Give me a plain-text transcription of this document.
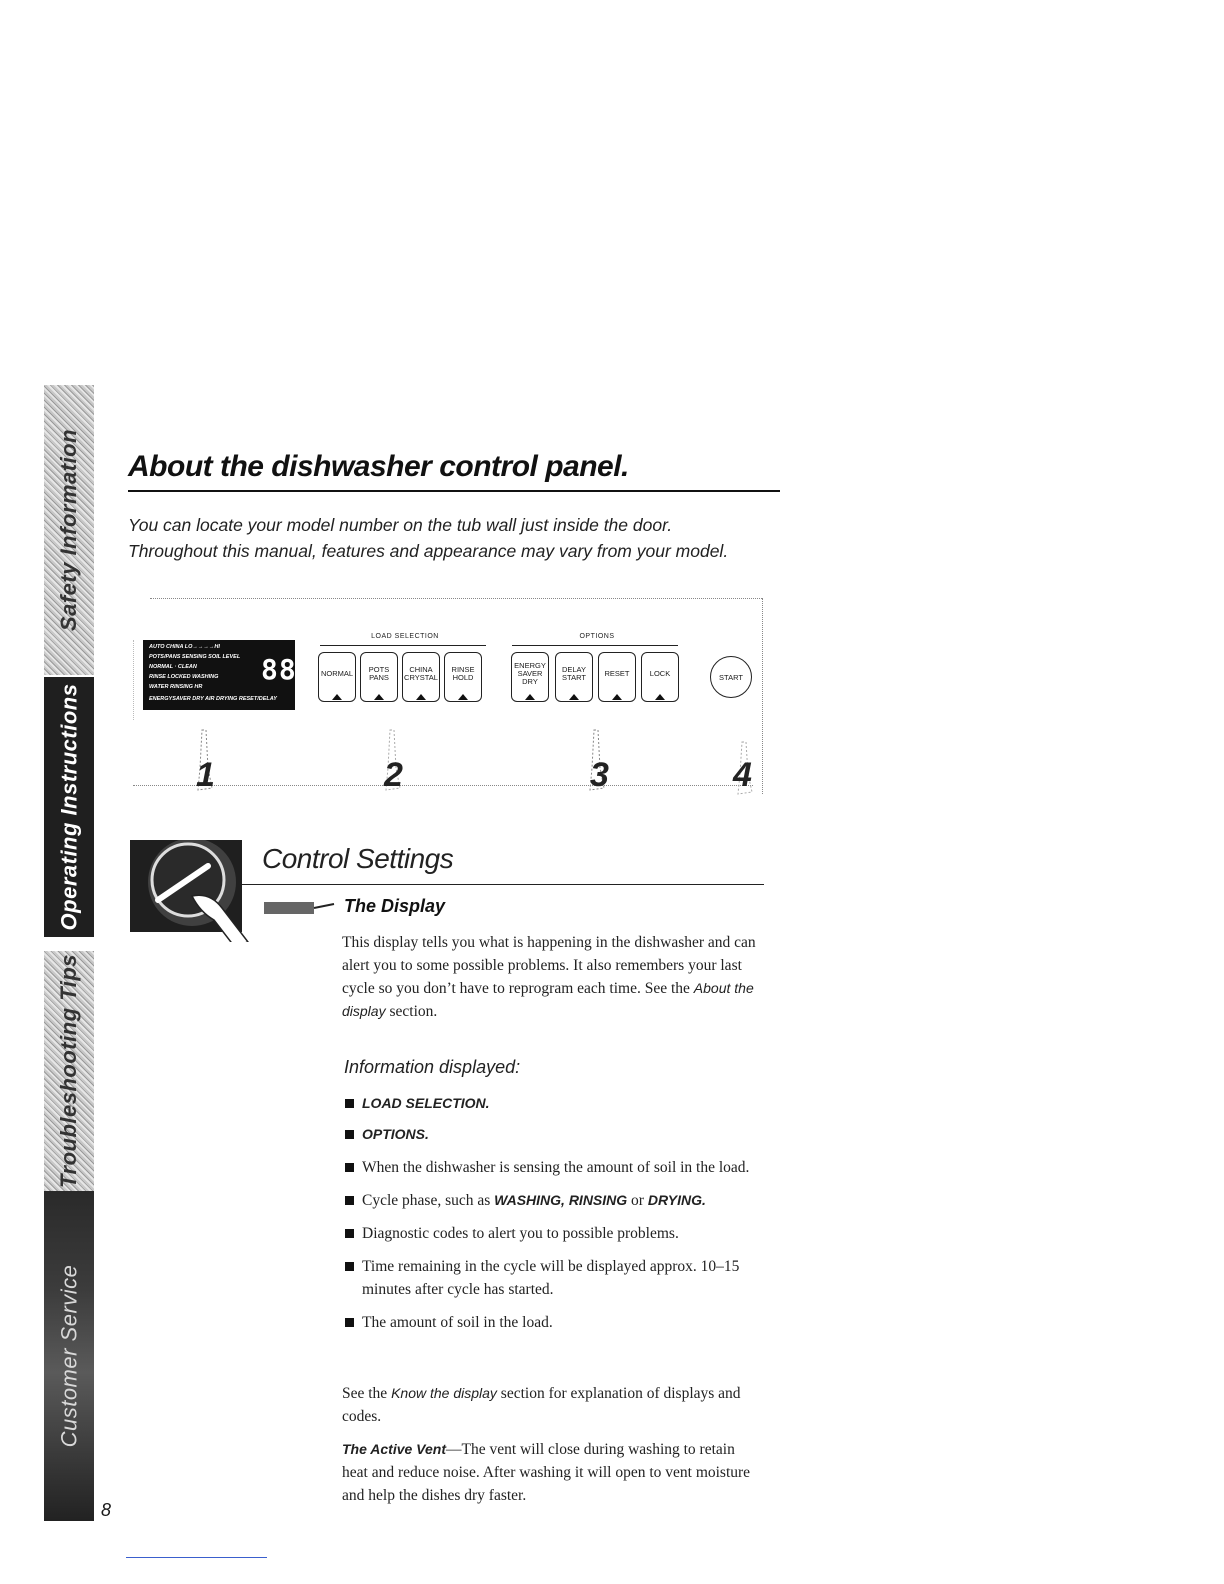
Safety Information
Operating Instructions
Troubleshooting Tips
Customer Service
8
About the dishwasher control panel.
You can locate your model number on the tub wall just inside the door.
Throughout this manual, features and appearance may vary from your model.
AUTO CHINA LO→→→→HI
POTS/PANS SENSING SOIL LEVEL
NORMAL · CLEAN
RINSE LOCKED WASHING
WATER RINSING HR
ENERGYSAVER DRY AIR DRYING RESET/DELAY
88
LOAD SELECTION	OPTIONS
NORMAL POTS
PANS
CHINA
CRYSTAL
RINSE
HOLD
ENERGY
SAVER
DRY
DELAY
START RESET	LOCK	START
1	2	3	4
Control Settings
The Display
This display tells you what is happening in the dishwasher and can alert you to some possible problems. It also remembers your last cycle so you don’t have to reprogram each time. See the About the display section.
Information displayed:
LOAD SELECTION.
OPTIONS.
When the dishwasher is sensing the amount of soil in the load.
Cycle phase, such as WASHING, RINSING or DRYING.
Diagnostic codes to alert you to possible problems.
Time remaining in the cycle will be displayed approx. 10–15 minutes after cycle has started.
The amount of soil in the load.
See the Know the display section for explanation of displays and codes.
The Active Vent—The vent will close during washing to retain heat and reduce noise. After washing it will open to vent moisture and help the dishes dry faster.
